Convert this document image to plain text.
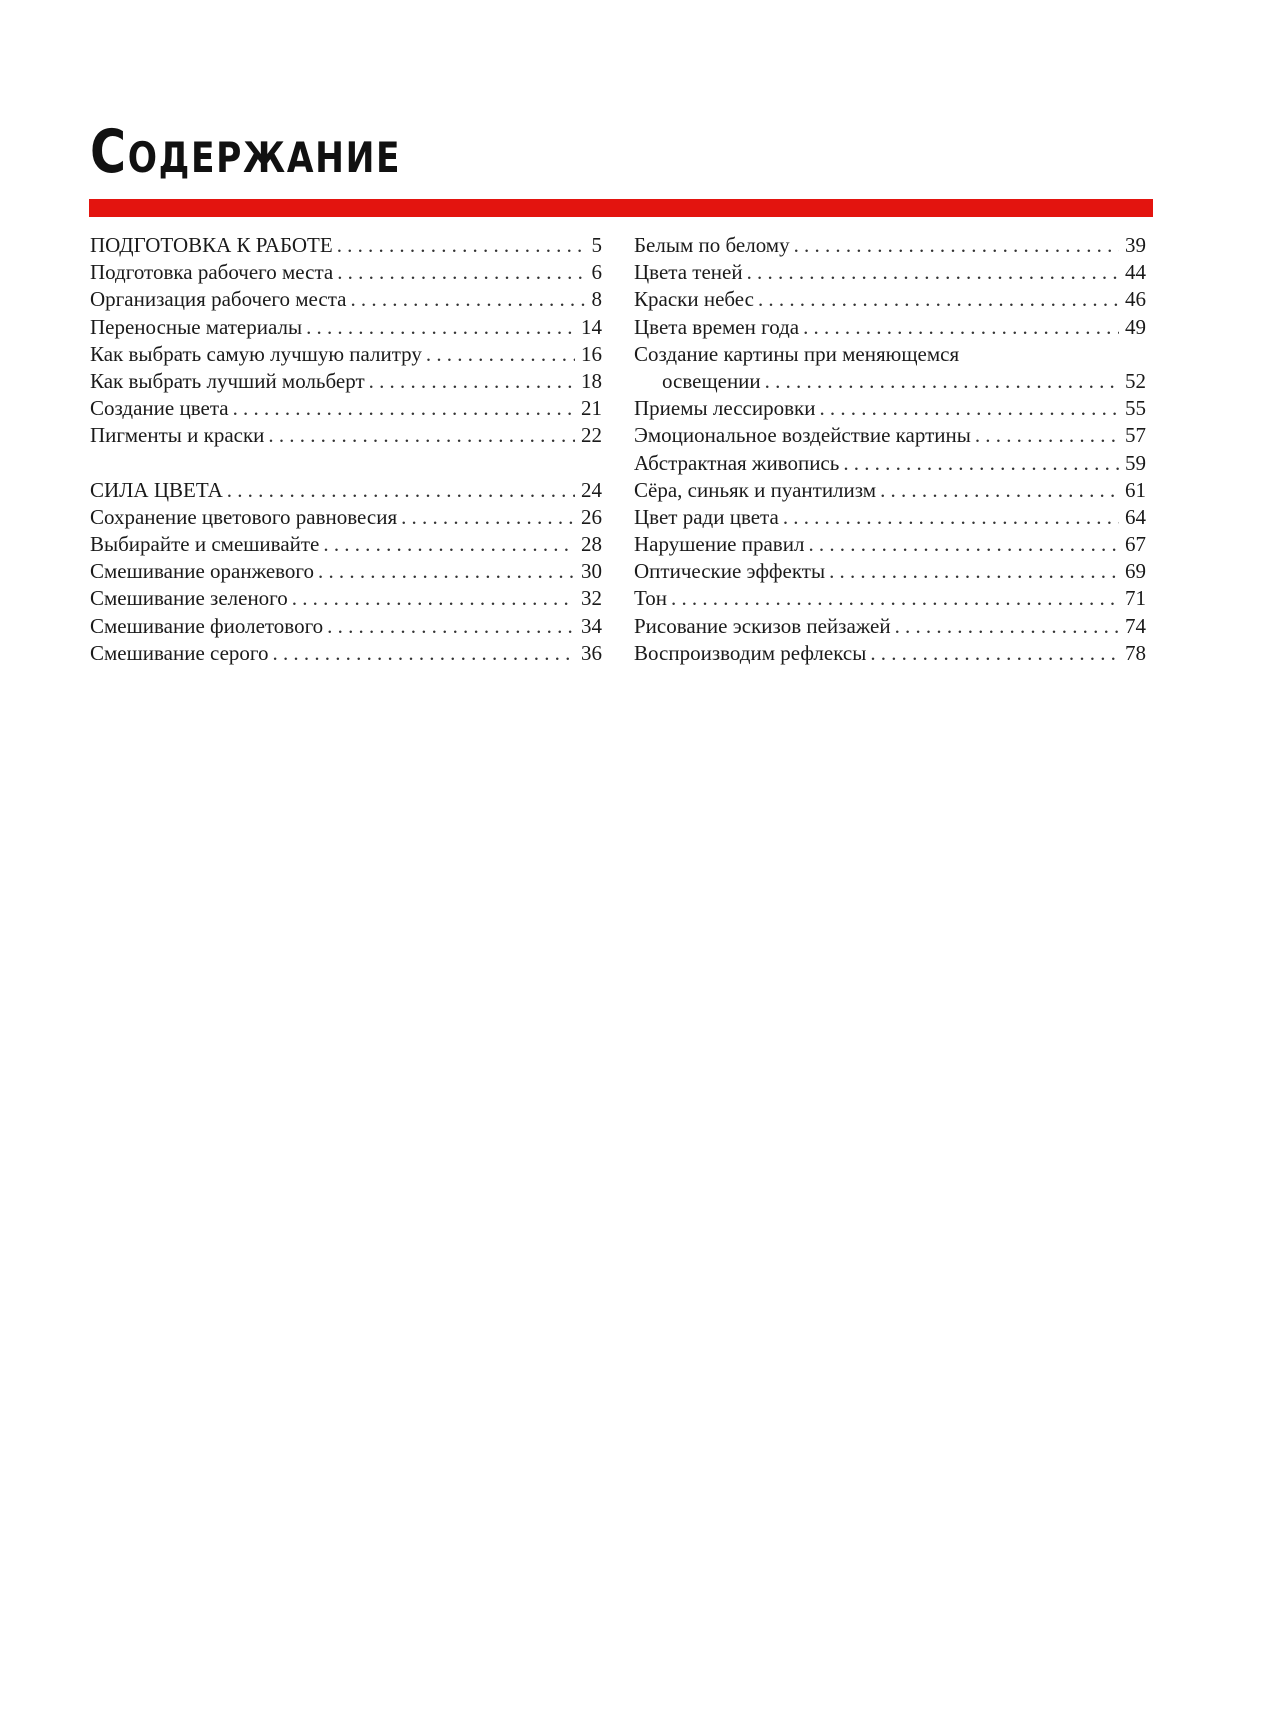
Содержание
ПОДГОТОВКА К РАБОТЕ .....	5
Подготовка рабочего места .....	6
Организация рабочего места .....	8
Переносные материалы .....	14
Как выбрать самую лучшую палитру .....	16
Как выбрать лучший мольберт .....	18
Создание цвета .....	21
Пигменты и краски .....	22
СИЛА ЦВЕТА .....	24
Сохранение цветового равновесия .....	26
Выбирайте и смешивайте .....	28
Смешивание оранжевого .....	30
Смешивание зеленого .....	32
Смешивание фиолетового .....	34
Смешивание серого .....	36
Белым по белому .....	39
Цвета теней .....	44
Краски небес .....	46
Цвета времен года .....	49
Создание картины при меняющемся
освещении .....	52
Приемы лессировки .....	55
Эмоциональное воздействие картины .....	57
Абстрактная живопись .....	59
Сёра, синьяк и пуантилизм .....	61
Цвет ради цвета .....	64
Нарушение правил .....	67
Оптические эффекты .....	69
Тон .....	71
Рисование эскизов пейзажей .....	74
Воспроизводим рефлексы .....	78
